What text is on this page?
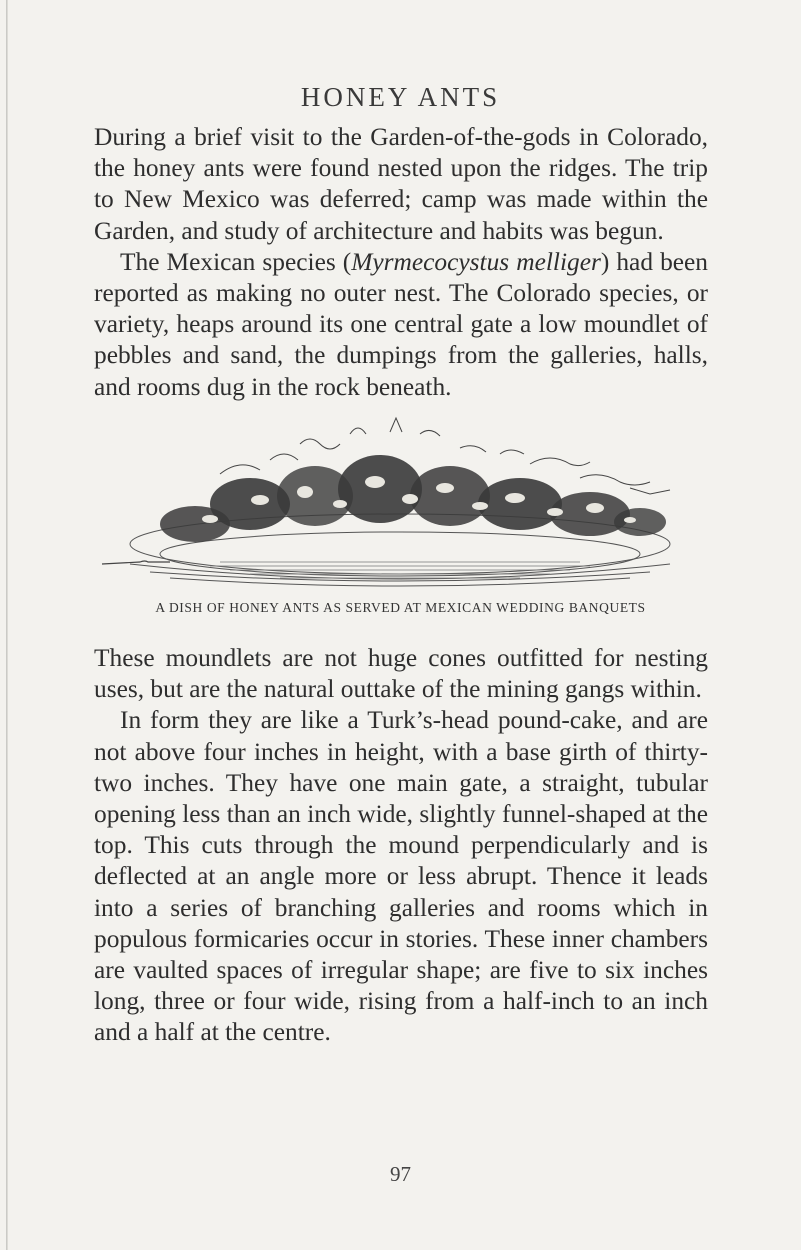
HONEY ANTS

During a brief visit to the Garden-of-the-gods in Colorado, the honey ants were found nested upon the ridges. The trip to New Mexico was deferred; camp was made within the Garden, and study of architecture and habits was begun.

The Mexican species (Myrmecocystus melliger) had been reported as making no outer nest. The Colorado species, or variety, heaps around its one central gate a low moundlet of pebbles and sand, the dumpings from the galleries, halls, and rooms dug in the rock beneath.

A DISH OF HONEY ANTS AS SERVED AT MEXICAN WEDDING BANQUETS

These moundlets are not huge cones outfitted for nesting uses, but are the natural outtake of the mining gangs within.

In form they are like a Turk’s-head pound-cake, and are not above four inches in height, with a base girth of thirty-two inches. They have one main gate, a straight, tubular opening less than an inch wide, slightly funnel-shaped at the top. This cuts through the mound perpendicularly and is deflected at an angle more or less abrupt. Thence it leads into a series of branching galleries and rooms which in populous formicaries occur in stories. These inner chambers are vaulted spaces of irregular shape; are five to six inches long, three or four wide, rising from a half-inch to an inch and a half at the centre.

97
